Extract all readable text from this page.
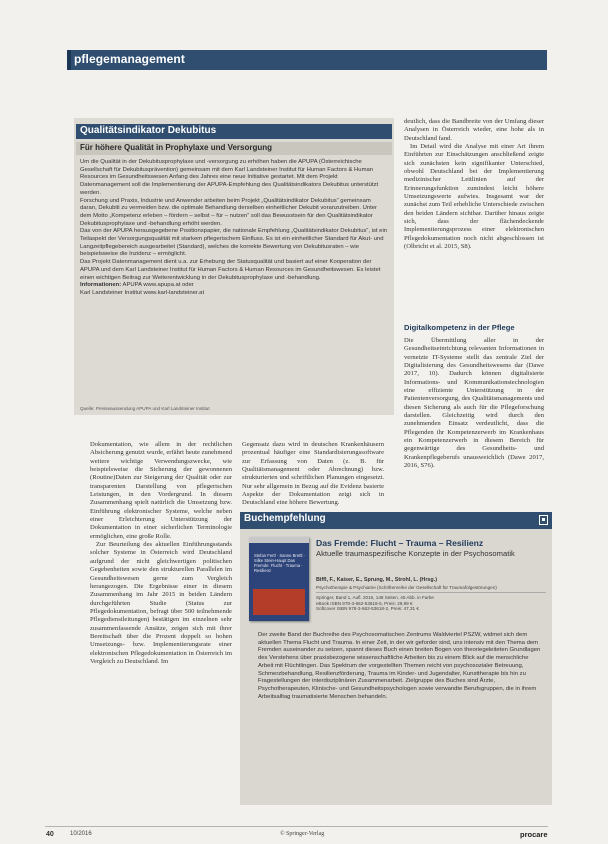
pflegemanagement
Qualitätsindikator Dekubitus
Für höhere Qualität in Prophylaxe und Versorgung

Um die Qualität in der Dekubitusprophylaxe und -versorgung zu erhöhen haben die APUPA (Österreichische Gesellschaft für Dekubitusprävention) gemeinsam mit dem Karl Landsteiner Institut für Human Factors & Human Resources im Gesundheitswesen Anfang des Jahres eine neue Initiative gestartet. Mit dem Projekt Datenmanagement soll die Implementierung der APUPA-Empfehlung des Qualitätsindikators Dekubitus unterstützt werden.

Forschung und Praxis, Industrie und Anwender arbeiten beim Projekt „Qualitätsindikator Dekubitus“ gemeinsam daran, Dekubiti zu vermeiden bzw. die optimale Behandlung derselben einheitlicher Dekubit voranzutreiben. Unter dem Motto „Kompetenz erleben – fördern – selbst – für – nutzen“ soll das Bewusstsein für den Qualitätsindikator Dekubitusprophylaxe und -behandlung erhöht werden.

Das von der APUPA herausgegebene Positionspapier, die nationale Empfehlung „Qualitätsindikator Dekubitus“, ist ein Teilaspekt der Versorgungsqualität mit starkem pflegerischem Einfluss. Es ist ein einheitlicher Standard für Akut- und Langzeitpflegebereich ausgearbeitet (Standard), welches die korrekte Bewertung von Dekubitusraten – wie beispielsweise die Inzidenz – ermöglicht.

Das Projekt Datenmanagement dient u.a. zur Erhebung der Statusqualität und basiert auf einer Kooperation der APUPA und dem Karl Landsteiner Institut für Human Factors & Human Resources im Gesundheitswesen. Es leistet einen wichtigen Beitrag zur Weiterentwicklung in der Dekubitusprophylaxe und -behandlung.

Informationen: APUPA www.apupa.at oder

Karl Landsteiner Institut www.karl-landsteiner.at

Quelle: Presseaussendung APUPA und Karl Landsteiner Institut

deutlich, dass die Bandbreite von der Umfang dieser Analysen in Österreich wieder, eine hohe als in Deutschland fand.

Im Detail wird die Analyse mit einer Art ihrem Einführten zur Einschätzungen anschließend zeigte sich zunächsten kein signifikanter Unterschied, obwohl Deutschland bei der Implementierung medizinischer Leitlinien auf der Erinnerungsfunktion zumindest leicht höhere Umsetzungswerte aufwies. Insgesamt war der zunächst zum Teil erhebliche Unterschiede zwischen den beiden Ländern sichtbar. Darüber hinaus zeigte sich, dass der flächendeckende Implementierungsprozess einer elektronischen Pflegedokumentation noch nicht abgeschlossen ist (Olbricht et al. 2015, S8).

Digitalkompetenz in der Pflege

Die Übermittlung aller in der Gesundheitseinrichtung relevanten Informationen in vernetzte IT-Systeme stellt das zentrale Ziel der Digitalisierung des Gesundheitswesens dar (Dawe 2017, 10). Dadurch können digitalisierte Informations- und Kommunikationstechnologien eine effiziente Unterstützung in der Patientenversorgung, des Qualitätsmanagements und diesen Sicherung als auch für die Pflegeforschung darstellen. Gleichzeitig wird durch den zunehmenden Einsatz verdeutlicht, dass die Pflegenden ihr Kompetenzerwerb im Krankenhaus ein Kompetenzerwerb in diesem Bereich für gegenwärtige des Gesundheits- und Krankenpflegeberufs unausweichlich (Dawe 2017, 2016, S76).

Dokumentation, wie allem in der rechtlichen Absicherung genutzt wurde, erfährt heute zunehmend weitere wichtige Verwendungszwecke, wie beispielsweise die Sicherung der gewonnenen (Routine)Daten zur Steigerung der Qualität oder zur transparenten Darstellung von pflegerischen Leistungen, in den Vordergrund. In diesem Zusammenhang spielt natürlich die Umsetzung bzw. Einführung elektronischer Systeme, welche neben einer Erleichterung Unterstützung der Dokumentation in einer sicherlichen Terminologie ermöglichen, eine große Rolle.

Zur Beurteilung des aktuellen Einführungsstands solcher Systeme in Österreich wird Deutschland aufgrund der nicht gleichwertigen politischen Gegebenheiten sowie den strukturellen Parallelen im Gesundheitswesen gerne zum Vergleich herangezogen. Die Ergebnisse einer in diesem Zusammenhang im Jahr 2015 in beiden Ländern durchgeführten Studie (Status zur Pflegedokumentation, befragt über 500 teilnehmende Pflegedienstleitungen) bestätigen im einzelnen sehr zusammenfassende Ansätze, zeigen sich mit ihrer Bereitschaft über die Prozent doppelt so hohen Umsetzungs- bzw. Implementierungsrate einer elektronischen Pflegedokumentation in Österreich im Vergleich zu Deutschland. Im

Gegensatz dazu wird in deutschen Krankenhäusern prozentual häufiger eine Standardisierungssoftware zur Erfassung von Daten (z. B. für Qualitätsmanagement oder Abrechnung) bzw. strukturierten und schriftlichen Planungen eingesetzt. Nur sehr allgemein in Bezug auf die Evidenz basierte Aspekte der Dokumentation zeigt sich in Deutschland eine höhere Bewertung.

Buchempfehlung
Stefan Fertl · Sanne Brettl · Silke Stein-Haupt Das Fremde: Flucht · Trauma · Resilienz
Das Fremde: Flucht – Trauma – Resilienz
Aktuelle traumaspezifische Konzepte in der Psychosomatik
Biffl, F., Kaiser, E., Sprung, M., Strohl, L. (Hrsg.)
Psychotherapie & Psychiatrie (Schriftenreihe der Gesellschaft für Traumafolgestörungen)
Springer, Band 1, Aufl. 2016, 148 Seiten, 45 Abb. in Farbe
eBook ISBN 978-3-662-53618-5, Preis: 29,99 €
Softcover ISBN 978-3-662-53618-2, Preis: 47,31 €
Der zweite Band der Buchreihe des Psychosomatischen Zentrums Waldviertel PSZW, widmet sich dem aktuellen Thema Flucht und Trauma. In einer Zeit, in der wir geforder sind, uns intensiv mit den Thema dem Fremden auseinander zu setzen, spannt dieses Buch einen breiten Bogen von theoriegeleiteten Grundlagen des Verstehens über praxisbezogene wissenschaftliche Arbeiten bis zu einem Blick auf die menschliche Arbeit mit Flüchtlingen. Das Spektrum der vorgestellten Themen reicht von psychosozialer Betreuung, Schmerzbehandlung, Resilienzförderung, Trauma im Kinder- und Jugendalter, Kunsttherapie bis hin zu Fragestellungen der interdisziplinären Zusammenarbeit. Zielgruppe des Buches sind Ärzte, Psychotherapeuten, Klinische- und Gesundheitspsychologen sowie verwandte Berufsgruppen, die in ihrem Arbeitsalltag traumatisierte Menschen behandeln.
40	10/2016	© Springer-Verlag	procare
